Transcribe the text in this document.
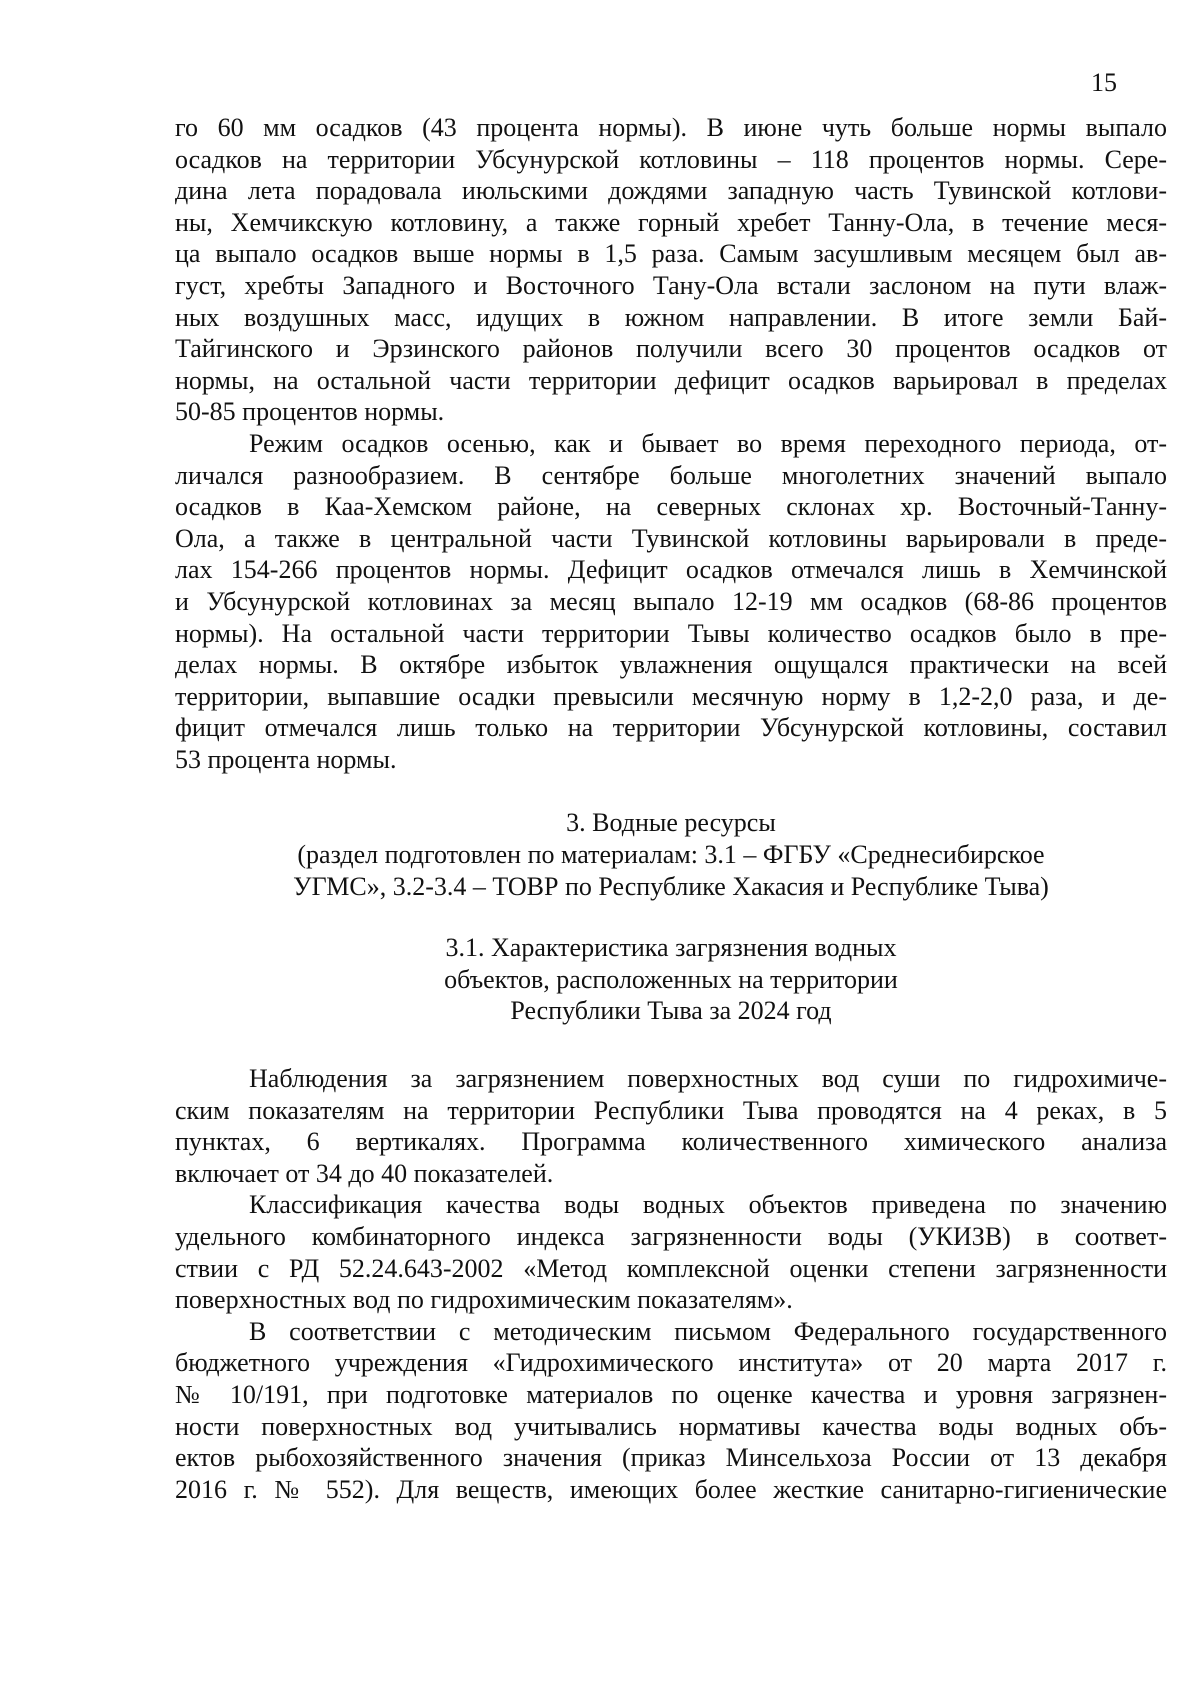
15
го 60 мм осадков (43 процента нормы). В июне чуть больше нормы выпало
осадков на территории Убсунурской котловины – 118 процентов нормы. Сере-
дина лета порадовала июльскими дождями западную часть Тувинской котлови-
ны, Хемчикскую котловину, а также горный хребет Танну-Ола, в течение меся-
ца выпало осадков выше нормы в 1,5 раза. Самым засушливым месяцем был ав-
густ, хребты Западного и Восточного Тану-Ола встали заслоном на пути влаж-
ных воздушных масс, идущих в южном направлении. В итоге земли Бай-
Тайгинского и Эрзинского районов получили всего 30 процентов осадков от
нормы, на остальной части территории дефицит осадков варьировал в пределах
50-85 процентов нормы.
Режим осадков осенью, как и бывает во время переходного периода, от-
личался разнообразием. В сентябре больше многолетних значений выпало
осадков в Каа-Хемском районе, на северных склонах хр. Восточный-Танну-
Ола, а также в центральной части Тувинской котловины варьировали в преде-
лах 154-266 процентов нормы. Дефицит осадков отмечался лишь в Хемчинской
и Убсунурской котловинах за месяц выпало 12-19 мм осадков (68-86 процентов
нормы). На остальной части территории Тывы количество осадков было в пре-
делах нормы. В октябре избыток увлажнения ощущался практически на всей
территории, выпавшие осадки превысили месячную норму в 1,2-2,0 раза, и де-
фицит отмечался лишь только на территории Убсунурской котловины, составил
53 процента нормы.
3. Водные ресурсы
(раздел подготовлен по материалам: 3.1 – ФГБУ «Среднесибирское
УГМС», 3.2-3.4 – ТОВР по Республике Хакасия и Республике Тыва)
3.1. Характеристика загрязнения водных
объектов, расположенных на территории
Республики Тыва за 2024 год
Наблюдения за загрязнением поверхностных вод суши по гидрохимиче-
ским показателям на территории Республики Тыва проводятся на 4 реках, в 5
пунктах, 6 вертикалях. Программа количественного химического анализа
включает от 34 до 40 показателей.
Классификация качества воды водных объектов приведена по значению
удельного комбинаторного индекса загрязненности воды (УКИЗВ) в соответ-
ствии с РД 52.24.643-2002 «Метод комплексной оценки степени загрязненности
поверхностных вод по гидрохимическим показателям».
В соответствии с методическим письмом Федерального государственного
бюджетного учреждения «Гидрохимического института» от 20 марта 2017 г.
№ 10/191, при подготовке материалов по оценке качества и уровня загрязнен-
ности поверхностных вод учитывались нормативы качества воды водных объ-
ектов рыбохозяйственного значения (приказ Минсельхоза России от 13 декабря
2016 г. № 552). Для веществ, имеющих более жесткие санитарно-гигиенические
